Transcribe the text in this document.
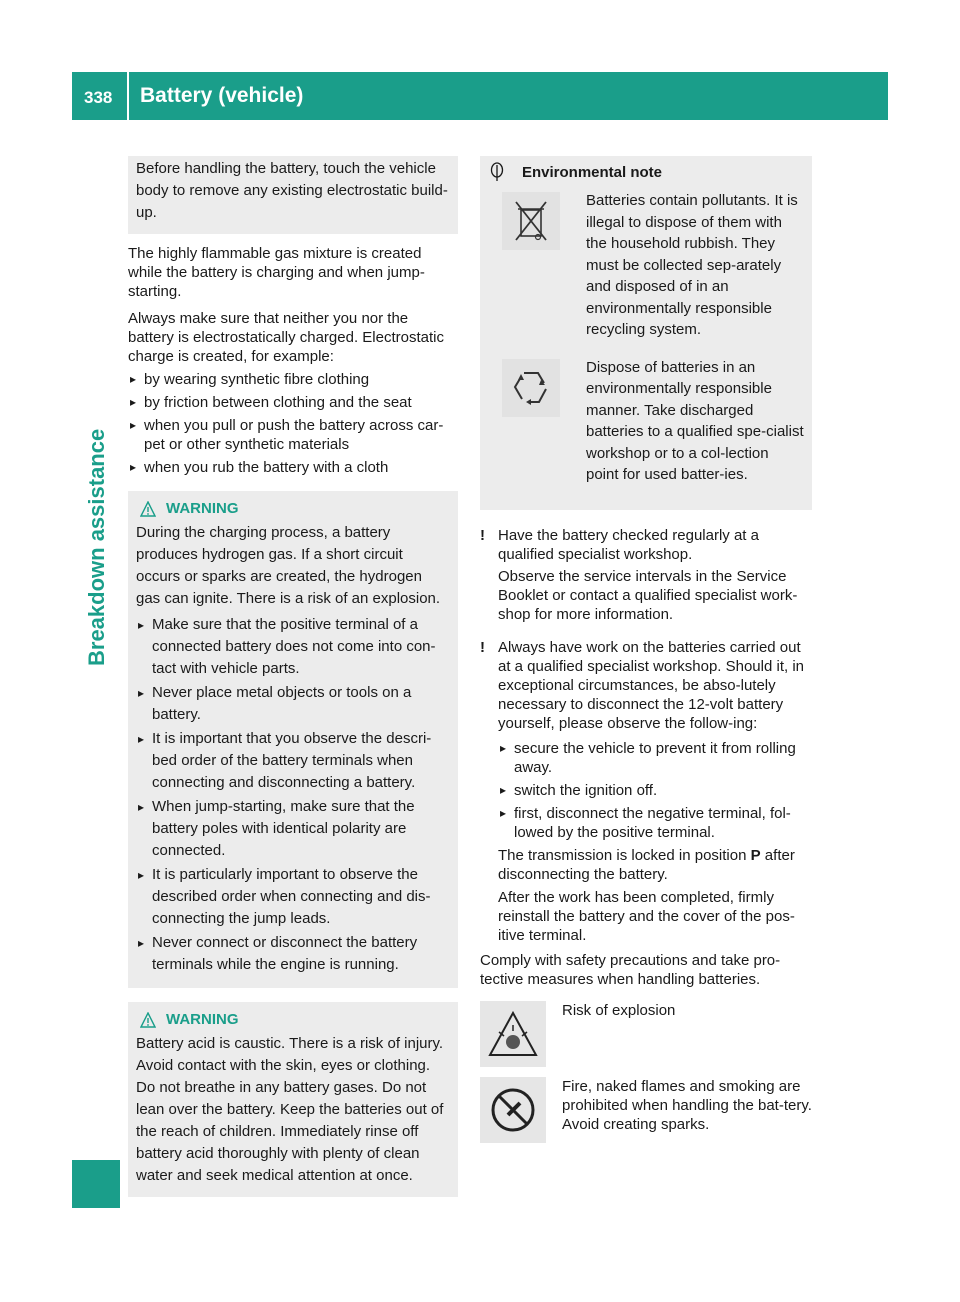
338 Battery (vehicle)
Breakdown assistance

Before handling the battery, touch the vehicle body to remove any existing electrostatic build-up.

The highly flammable gas mixture is created while the battery is charging and when jump-starting.

Always make sure that neither you nor the battery is electrostatically charged. Electrostatic charge is created, for example:

▸ by wearing synthetic fibre clothing
▸ by friction between clothing and the seat
▸ when you pull or push the battery across car-pet or other synthetic materials
▸ when you rub the battery with a cloth
WARNING

During the charging process, a battery produces hydrogen gas. If a short circuit occurs or sparks are created, the hydrogen gas can ignite. There is a risk of an explosion.

▸ Make sure that the positive terminal of a connected battery does not come into con-tact with vehicle parts.
▸ Never place metal objects or tools on a battery.
▸ It is important that you observe the descri-bed order of the battery terminals when connecting and disconnecting a battery.
▸ When jump-starting, make sure that the battery poles with identical polarity are connected.
▸ It is particularly important to observe the described order when connecting and dis-connecting the jump leads.
▸ Never connect or disconnect the battery terminals while the engine is running.
WARNING

Battery acid is caustic. There is a risk of injury. Avoid contact with the skin, eyes or clothing. Do not breathe in any battery gases. Do not lean over the battery. Keep the batteries out of the reach of children. Immediately rinse off battery acid thoroughly with plenty of clean water and seek medical attention at once.

Environmental note

Batteries contain pollutants. It is illegal to dispose of them with the household rubbish. They must be collected sep-arately and disposed of in an environmentally responsible recycling system.

Dispose of batteries in an environmentally responsible manner. Take discharged batteries to a qualified spe-cialist workshop or to a col-lection point for used batter-ies.

! Have the battery checked regularly at a qualified specialist workshop.

Observe the service intervals in the Service Booklet or contact a qualified specialist work-shop for more information.

! Always have work on the batteries carried out at a qualified specialist workshop. Should it, in exceptional circumstances, be abso-lutely necessary to disconnect the 12-volt battery yourself, please observe the follow-ing:

▸ secure the vehicle to prevent it from rolling away.
▸ switch the ignition off.
▸ first, disconnect the negative terminal, fol-lowed by the positive terminal.

The transmission is locked in position P after disconnecting the battery.

After the work has been completed, firmly reinstall the battery and the cover of the pos-itive terminal.

Comply with safety precautions and take pro-tective measures when handling batteries.

Risk of explosion

Fire, naked flames and smoking are prohibited when handling the bat-tery. Avoid creating sparks.
